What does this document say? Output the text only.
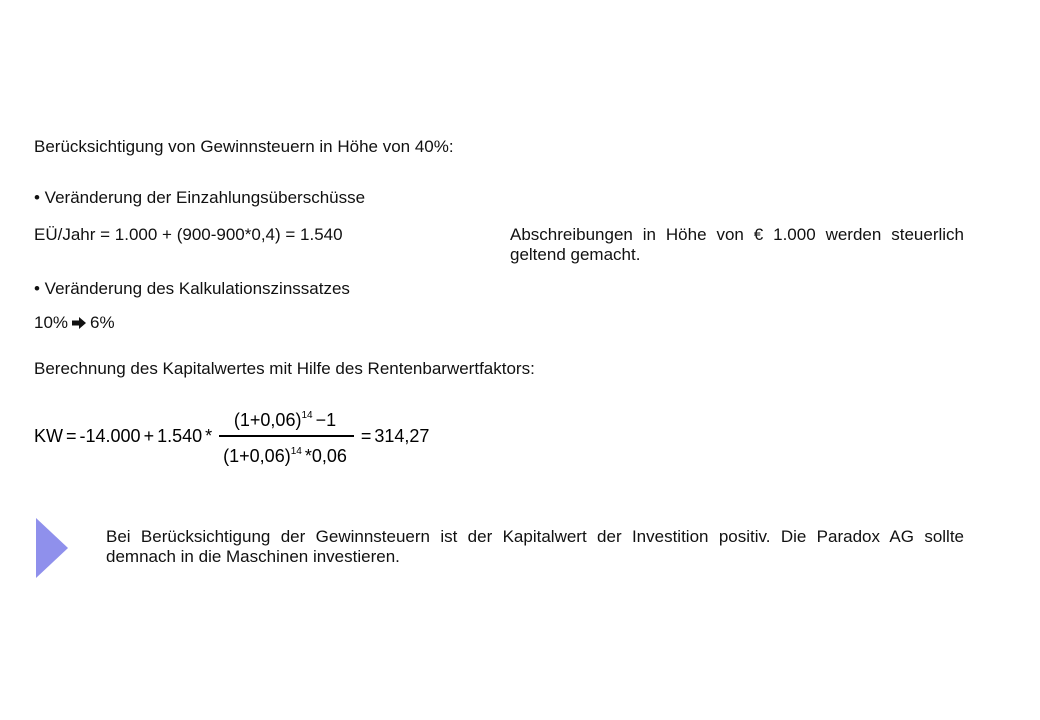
Berücksichtigung von Gewinnsteuern in Höhe von 40%:
• Veränderung der Einzahlungsüberschüsse
EÜ/Jahr = 1.000 + (900-900*0,4) = 1.540	Abschreibungen in Höhe von € 1.000 werden steuerlich geltend gemacht.
• Veränderung des Kalkulationszinssatzes
10% 6%
Berechnung des Kapitalwertes mit Hilfe des Rentenbarwertfaktors:
KW = $-14.000 + 1.540 * \frac{(1+0,06)^{14} -1}{(1+0,06)^{14} *0,06} = 314,27$
Bei Berücksichtigung der Gewinnsteuern ist der Kapitalwert der Investition positiv. Die Paradox AG sollte demnach in die Maschinen investieren.
